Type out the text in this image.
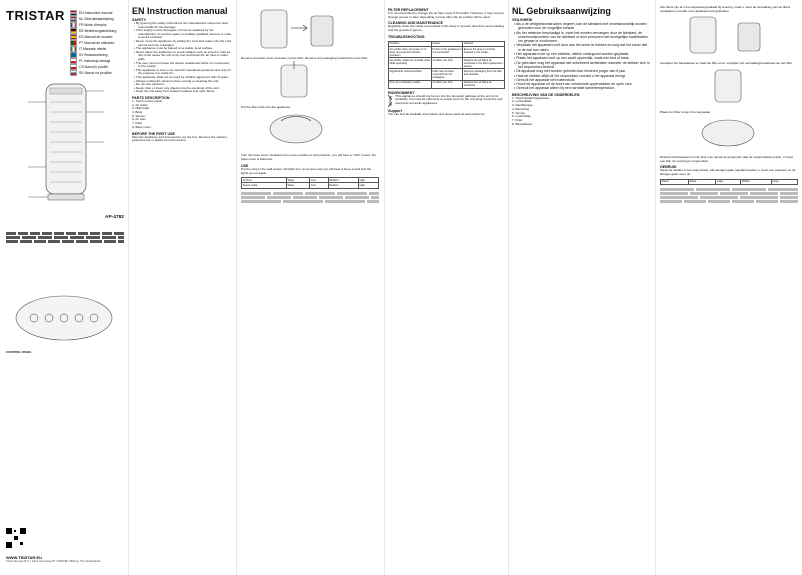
TRISTAR	EN Instruction manual
NL Gebruiksaanwijzing
FR Mode d'emploi
DE Bedienungsanleitung
ES Manual de usuario
PT Manual de utilizador
IT Manuale utente
SV Bruksanvisning
PL Instrukcja obsługi
CS Návod k použití
SK Návod na použitie
AP-4782
CONTROL PANEL
WWW.TRISTAR.EU
Tristar Europe B.V. | Jules Verneweg 87 | 5015 BH Tilburg | The Netherlands
EN Instruction manual
SAFETY
• By ignoring the safety instructions the manufacturer cannot be held responsible for the damage.
• If the supply cord is damaged, it must be replaced by the manufacturer, its service agent or similarly qualified persons in order to avoid a hazard.
• Never move the appliance by pulling the cord and make sure the cord cannot become entangled.
• The appliance must be placed on a stable, level surface.
• Never place the appliance on a soft surface such as a bed or sofa as this could cause the unit to tip over and block the air inlet or outlet grille.
• The user must not leave the device unattended while it is connected to the supply.
• This appliance is only to be used for household purposes and only for the purpose it is made for.
• This appliance shall not be used by children aged less than 8 years.
• Always unplug the device before moving or cleaning the unit.
• Do not use outdoors.
• Never drop or insert any objects into the openings of the unit.
• Keep the unit away from heated surfaces and open flame.
PARTS DESCRIPTION
1. Touch control panel
2. Air outlet
3. Night light
4. Body
5. Sensor
6. Air inlet
7. Filter
8. Base cover
BEFORE THE FIRST USE
Take the appliance and accessories out the box. Remove the stickers, protective foil or plastic from the device.
Remove the base cover and take out the filter. Remove the packaging material from the filter.
Put the filter back into the appliance.
Turn the base cover clockwise from open position to lock position, you will hear a "click" sound, the base cover is fastened.
USE
Put the plug in the wall socket, all lights turn on at once and you will hear a beep sound and the lights go out again.
Air Pure	Sleep	Low	Medium	High
Speed mode	Sleep	Low	Medium	High
FILTER REPLACEMENT
It is recommended to change the air filter every 6-8 months. However, it may need to change sooner or later depending on how often the air purifier will be used.
CLEANING AND MAINTENANCE
Regularly clean the inside and outside of the body to prevent dust from accumulating and the growth of germs.
TROUBLESHOOTING
Problem	Cause	Solution
Air purifier does not power on or does not respond to button operation	Power to the appliance is not connected	Ensure the plug is correctly inserted in the socket
Air purifier makes an unusual noise while operating	Air filters are dirty	Replace the air filters as instructed in the filter replacement section
Significantly reduced airflow	Filter has not been removed from its packaging	Remove packaging from the filter and reinstall
Poor air purification quality	Air filters are dirty	Replace the air filters as instructed
ENVIRONMENT
This appliance should not be put into the domestic garbage at the end of its durability, but must be offered at a central point for the recycling of electric and electronic domestic appliances.
Support
You can find all available information and spare parts at www.tristar.eu!
NL Gebruiksaanwijzing
VEILIGHEID
• Als u de veiligheidsinstructies negeert, kan de fabrikant niet verantwoordelijk worden gehouden voor de mogelijke schade.
• Als het netsnoer beschadigd is, moet het worden vervangen door de fabrikant, de onderhoudsmonteur van de fabrikant of door personen met soortgelijke kwalificaties om gevaar te voorkomen.
• Verplaats het apparaat nooit door aan het snoer te trekken en zorg dat het snoer niet in de war kan raken.
• Het apparaat moet op een stabiele, vlakke ondergrond worden geplaatst.
• Plaats het apparaat nooit op een zacht oppervlak, zoals een bed of bank.
• De gebruiker mag het apparaat niet onbeheerd achterlaten wanneer de stekker zich in het stopcontact bevindt.
• Dit apparaat mag niet worden gebruikt door kinderen jonger dan 8 jaar.
• Haal de stekker altijd uit het stopcontact voordat u het apparaat reinigt.
• Gebruik het apparaat niet buitenshuis.
• Houd het apparaat uit de buurt van verwarmde oppervlakken en open vuur.
• Gebruik het apparaat alleen bij een normale kamertemperatuur.
BESCHRIJVING VAN DE ONDERDELEN
1. Touch-bedieningspaneel
2. Luchtuitlaat
3. Nachtlampje
4. Behuizing
5. Sensor
6. Luchtinlaat
7. Filter
8. Basisdeksel
Alle filters zijn al in het apparaat geplaatst bij levering, maar u moet de verpakking van de filters verwijderen voordat u het apparaat kunt gebruiken.
Verwijder het basisdeksel en haal het filter eruit. Verwijder het verpakkingsmateriaal van het filter.
Plaats het filter terug in het apparaat.
Draai het basisdeksel met de klok mee vanuit de geopende naar de vergrendelde positie. U hoort een klik, de opening is vergrendeld.
GEBRUIK
Steek de stekker in het stopcontact. Alle lampjes gaan tegelijk branden, u hoort een pieptoon en de lampjes gaan weer uit.
Stand	Slaap	Laag	Middel	Hoog
